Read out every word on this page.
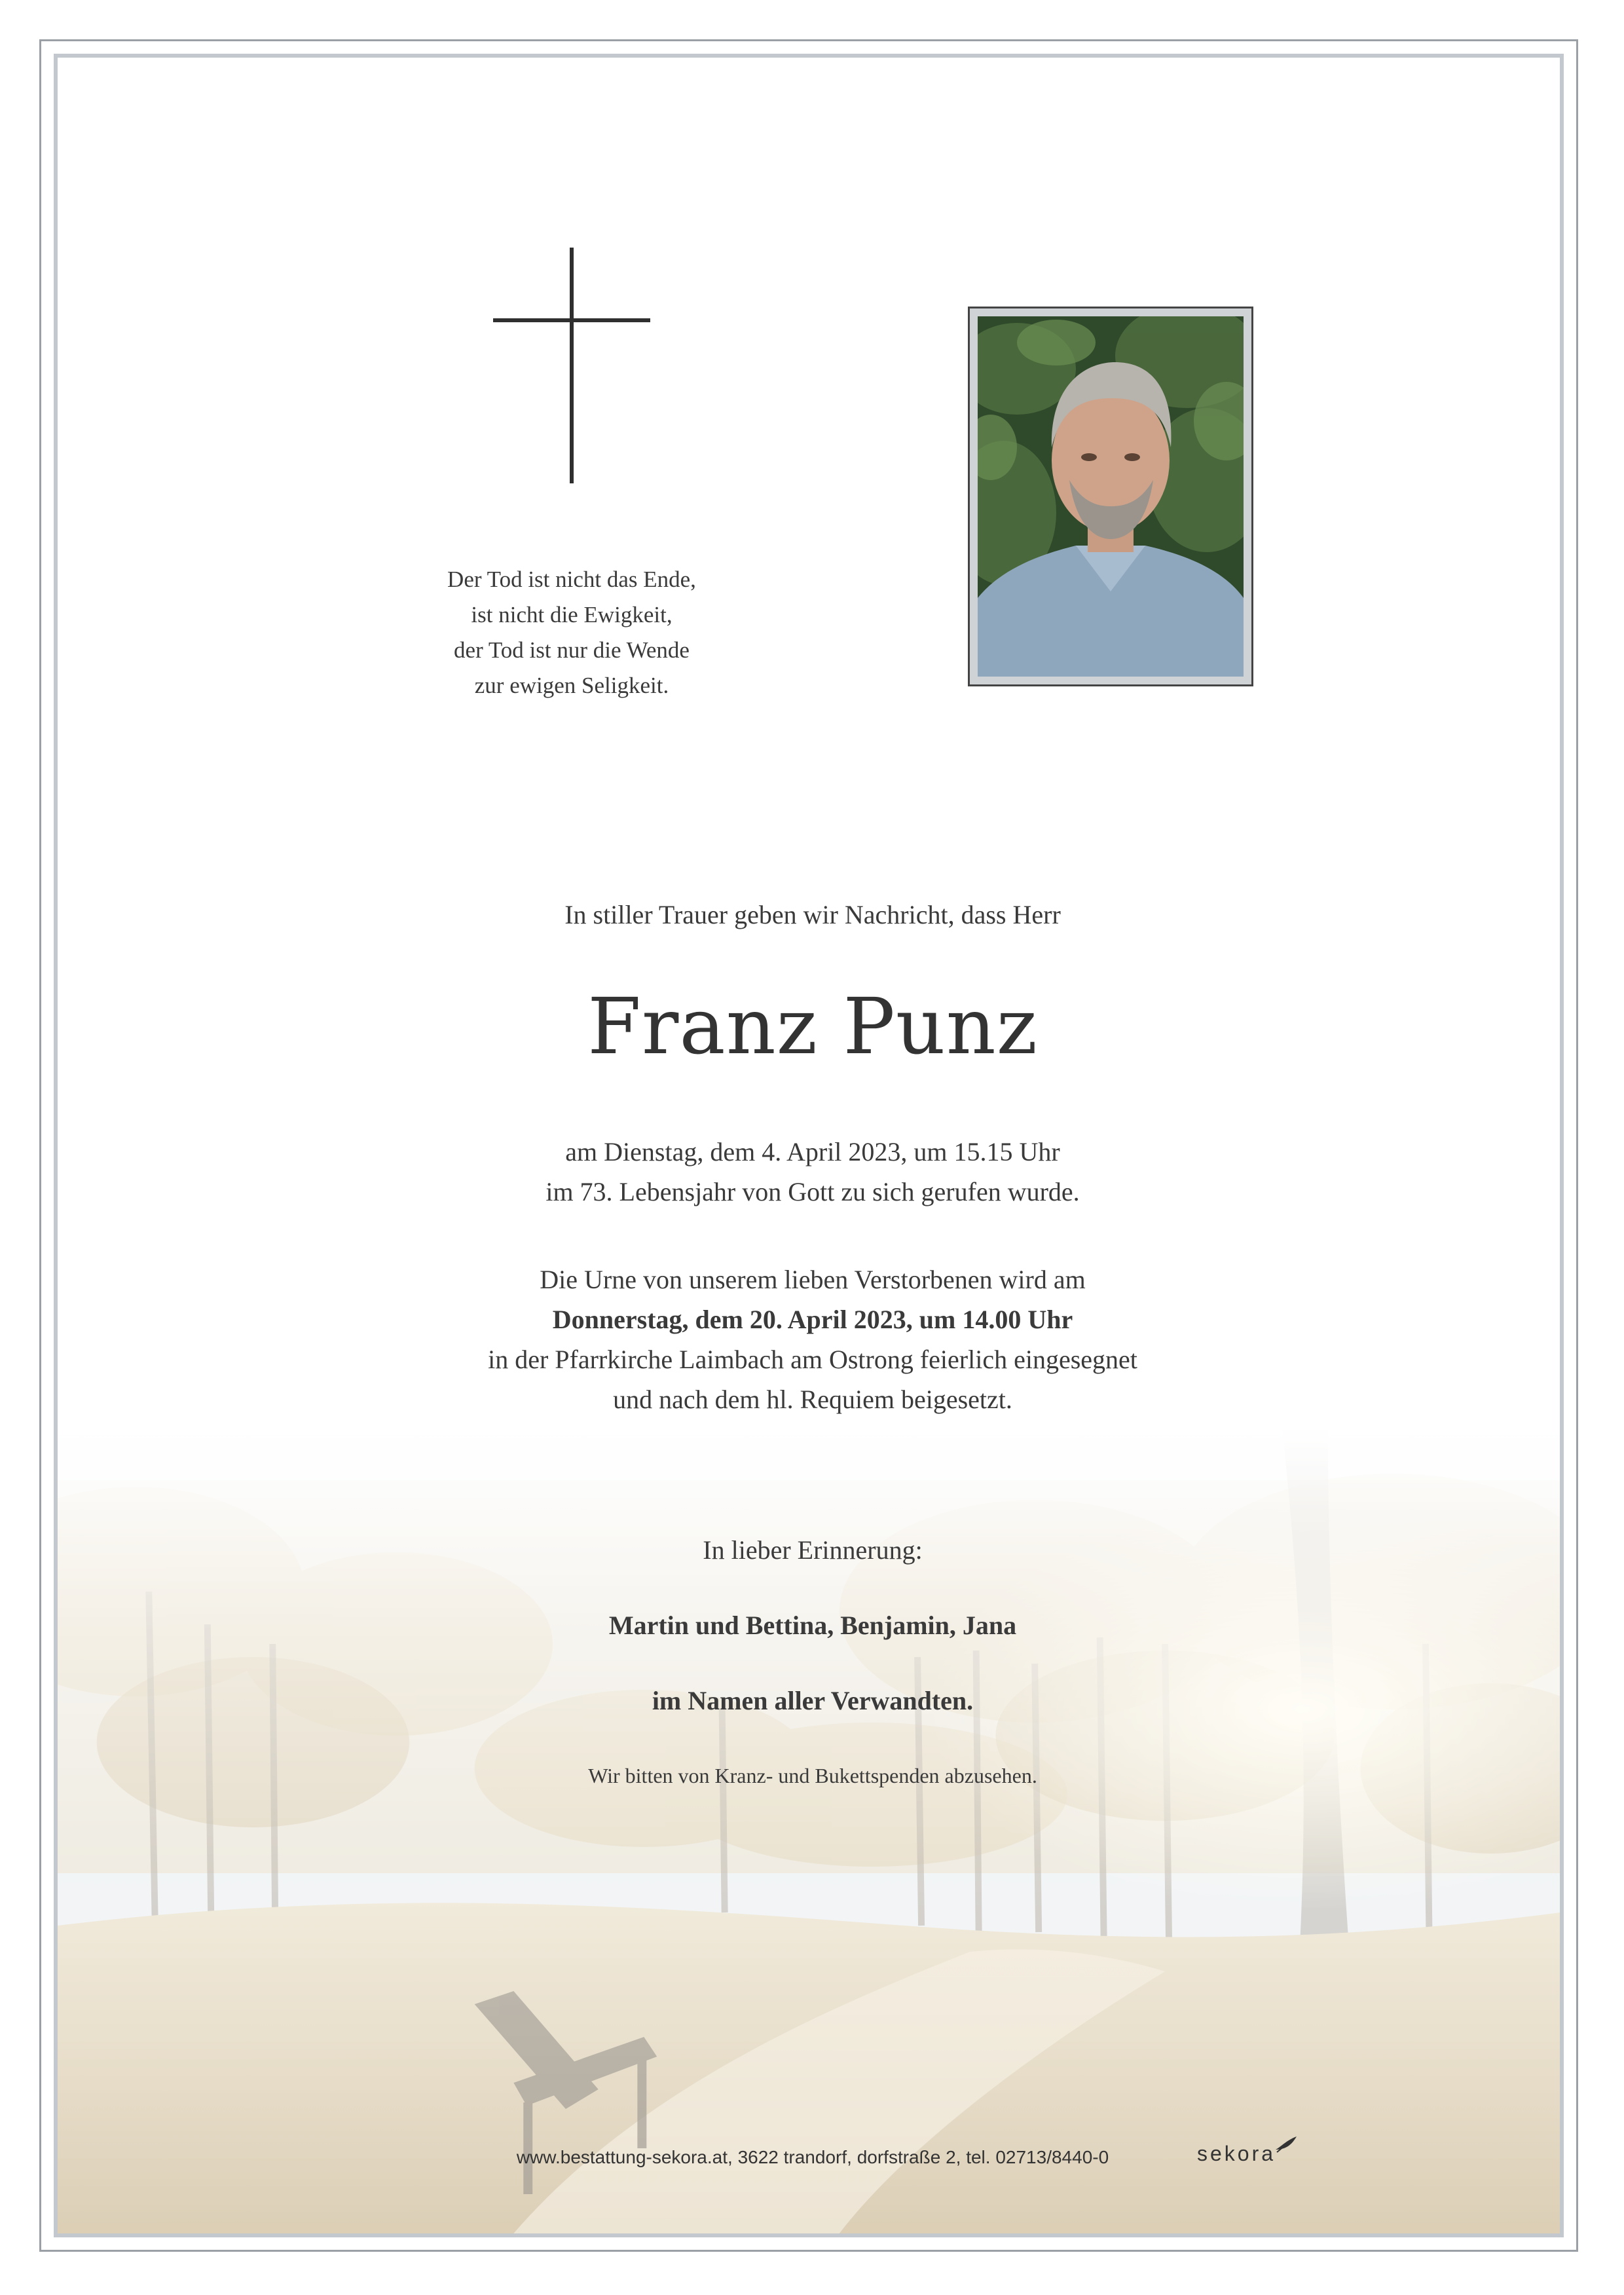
Der Tod ist nicht das Ende,
ist nicht die Ewigkeit,
der Tod ist nur die Wende
zur ewigen Seligkeit.
In stiller Trauer geben wir Nachricht, dass Herr
Franz Punz
am Dienstag, dem 4. April 2023, um 15.15 Uhr
im 73. Lebensjahr von Gott zu sich gerufen wurde.
Die Urne von unserem lieben Verstorbenen wird am
Donnerstag, dem 20. April 2023, um 14.00 Uhr
in der Pfarrkirche Laimbach am Ostrong feierlich eingesegnet
und nach dem hl. Requiem beigesetzt.
In lieber Erinnerung:
Martin und Bettina, Benjamin, Jana
im Namen aller Verwandten.
Wir bitten von Kranz- und Bukettspenden abzusehen.
www.bestattung-sekora.at, 3622 trandorf, dorfstraße 2, tel. 02713/8440-0	sekora
